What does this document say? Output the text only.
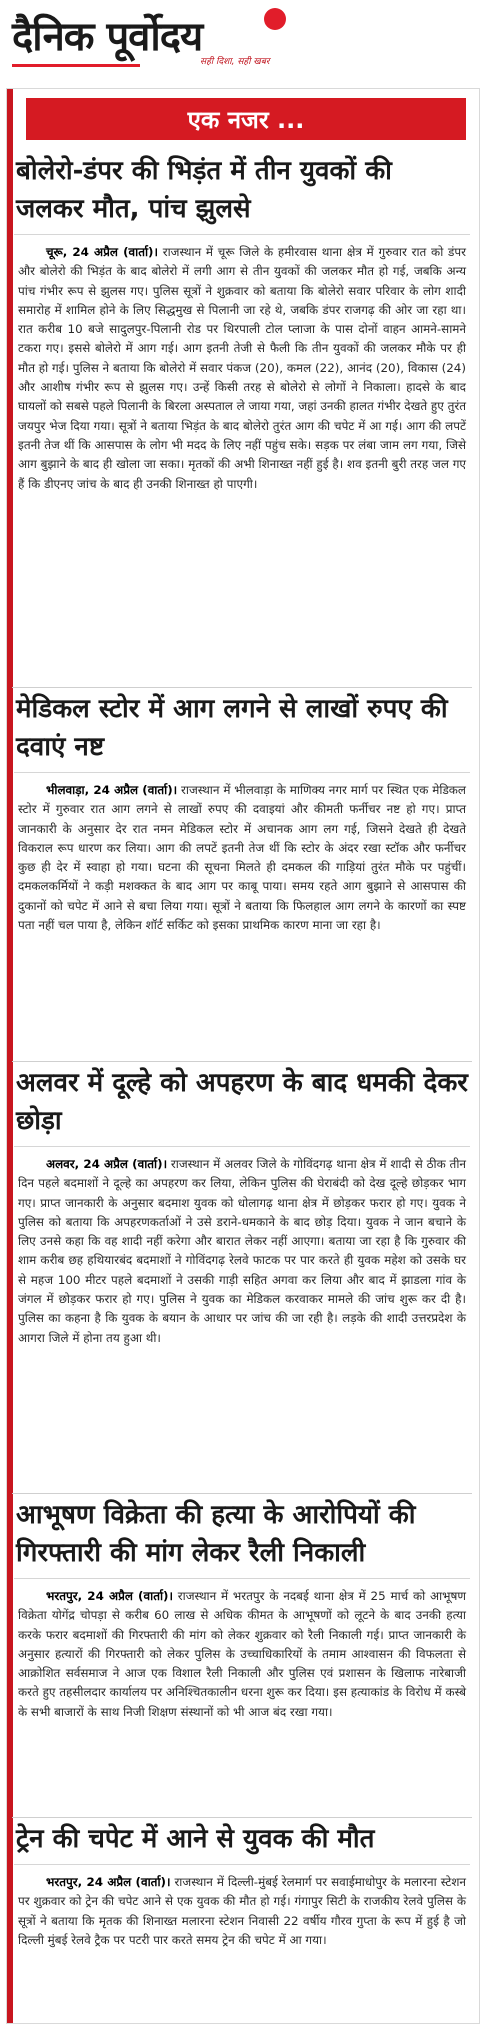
दैनिक पूर्वोदय
सही दिशा, सही खबर
एक नजर ...
बोलेरो-डंपर की भिड़ंत में तीन युवकों की जलकर मौत, पांच झुलसे

चूरू, 24 अप्रैल (वार्ता)। राजस्थान में चूरू जिले के हमीरवास थाना क्षेत्र में गुरुवार रात को डंपर और बोलेरो की भिड़ंत के बाद बोलेरो में लगी आग से तीन युवकों की जलकर मौत हो गई, जबकि अन्य पांच गंभीर रूप से झुलस गए। पुलिस सूत्रों ने शुक्रवार को बताया कि बोलेरो सवार परिवार के लोग शादी समारोह में शामिल होने के लिए सिद्धमुख से पिलानी जा रहे थे, जबकि डंपर राजगढ़ की ओर जा रहा था। रात करीब 10 बजे सादुलपुर-पिलानी रोड पर थिरपाली टोल प्लाजा के पास दोनों वाहन आमने-सामने टकरा गए। इससे बोलेरो में आग गई। आग इतनी तेजी से फैली कि तीन युवकों की जलकर मौके पर ही मौत हो गई। पुलिस ने बताया कि बोलेरो में सवार पंकज (20), कमल (22), आनंद (20), विकास (24) और आशीष गंभीर रूप से झुलस गए। उन्हें किसी तरह से बोलेरो से लोगों ने निकाला। हादसे के बाद घायलों को सबसे पहले पिलानी के बिरला अस्पताल ले जाया गया, जहां उनकी हालत गंभीर देखते हुए तुरंत जयपुर भेज दिया गया। सूत्रों ने बताया भिड़ंत के बाद बोलेरो तुरंत आग की चपेट में आ गई। आग की लपटें इतनी तेज थीं कि आसपास के लोग भी मदद के लिए नहीं पहुंच सके। सड़क पर लंबा जाम लग गया, जिसे आग बुझाने के बाद ही खोला जा सका। मृतकों की अभी शिनाख्त नहीं हुई है। शव इतनी बुरी तरह जल गए हैं कि डीएनए जांच के बाद ही उनकी शिनाख्त हो पाएगी।

मेडिकल स्टोर में आग लगने से लाखों रुपए की दवाएं नष्ट

भीलवाड़ा, 24 अप्रैल (वार्ता)। राजस्थान में भीलवाड़ा के माणिक्य नगर मार्ग पर स्थित एक मेडिकल स्टोर में गुरुवार रात आग लगने से लाखों रुपए की दवाइयां और कीमती फर्नीचर नष्ट हो गए। प्राप्त जानकारी के अनुसार देर रात नमन मेडिकल स्टोर में अचानक आग लग गई, जिसने देखते ही देखते विकराल रूप धारण कर लिया। आग की लपटें इतनी तेज थीं कि स्टोर के अंदर रखा स्टॉक और फर्नीचर कुछ ही देर में स्वाहा हो गया। घटना की सूचना मिलते ही दमकल की गाड़ियां तुरंत मौके पर पहुंचीं। दमकलकर्मियों ने कड़ी मशक्कत के बाद आग पर काबू पाया। समय रहते आग बुझाने से आसपास की दुकानों को चपेट में आने से बचा लिया गया। सूत्रों ने बताया कि फिलहाल आग लगने के कारणों का स्पष्ट पता नहीं चल पाया है, लेकिन शॉर्ट सर्किट को इसका प्राथमिक कारण माना जा रहा है।

अलवर में दूल्हे को अपहरण के बाद धमकी देकर छोड़ा

अलवर, 24 अप्रैल (वार्ता)। राजस्थान में अलवर जिले के गोविंदगढ़ थाना क्षेत्र में शादी से ठीक तीन दिन पहले बदमाशों ने दूल्हे का अपहरण कर लिया, लेकिन पुलिस की घेराबंदी को देख दूल्हे छोड़कर भाग गए। प्राप्त जानकारी के अनुसार बदमाश युवक को धोलागढ़ थाना क्षेत्र में छोड़कर फरार हो गए। युवक ने पुलिस को बताया कि अपहरणकर्ताओं ने उसे डराने-धमकाने के बाद छोड़ दिया। युवक ने जान बचाने के लिए उनसे कहा कि वह शादी नहीं करेगा और बारात लेकर नहीं आएगा। बताया जा रहा है कि गुरुवार की शाम करीब छह हथियारबंद बदमाशों ने गोविंदगढ़ रेलवे फाटक पर पार करते ही युवक महेश को उसके घर से महज 100 मीटर पहले बदमाशों ने उसकी गाड़ी सहित अगवा कर लिया और बाद में झाडला गांव के जंगल में छोड़कर फरार हो गए। पुलिस ने युवक का मेडिकल करवाकर मामले की जांच शुरू कर दी है। पुलिस का कहना है कि युवक के बयान के आधार पर जांच की जा रही है। लड़के की शादी उत्तरप्रदेश के आगरा जिले में होना तय हुआ थी।

आभूषण विक्रेता की हत्या के आरोपियों की गिरफ्तारी की मांग लेकर रैली निकाली

भरतपुर, 24 अप्रैल (वार्ता)। राजस्थान में भरतपुर के नदबई थाना क्षेत्र में 25 मार्च को आभूषण विक्रेता योगेंद्र चोपड़ा से करीब 60 लाख से अधिक कीमत के आभूषणों को लूटने के बाद उनकी हत्या करके फरार बदमाशों की गिरफ्तारी की मांग को लेकर शुक्रवार को रैली निकाली गई। प्राप्त जानकारी के अनुसार हत्यारों की गिरफ्तारी को लेकर पुलिस के उच्चाधिकारियों के तमाम आश्वासन की विफलता से आक्रोशित सर्वसमाज ने आज एक विशाल रैली निकाली और पुलिस एवं प्रशासन के खिलाफ नारेबाजी करते हुए तहसीलदार कार्यालय पर अनिश्चितकालीन धरना शुरू कर दिया। इस हत्याकांड के विरोध में कस्बे के सभी बाजारों के साथ निजी शिक्षण संस्थानों को भी आज बंद रखा गया।

ट्रेन की चपेट में आने से युवक की मौत

भरतपुर, 24 अप्रैल (वार्ता)। राजस्थान में दिल्ली-मुंबई रेलमार्ग पर सवाईमाधोपुर के मलारना स्टेशन पर शुक्रवार को ट्रेन की चपेट आने से एक युवक की मौत हो गई। गंगापुर सिटी के राजकीय रेलवे पुलिस के सूत्रों ने बताया कि मृतक की शिनाख्त मलारना स्टेशन निवासी 22 वर्षीय गौरव गुप्ता के रूप में हुई है जो दिल्ली मुंबई रेलवे ट्रैक पर पटरी पार करते समय ट्रेन की चपेट में आ गया।
